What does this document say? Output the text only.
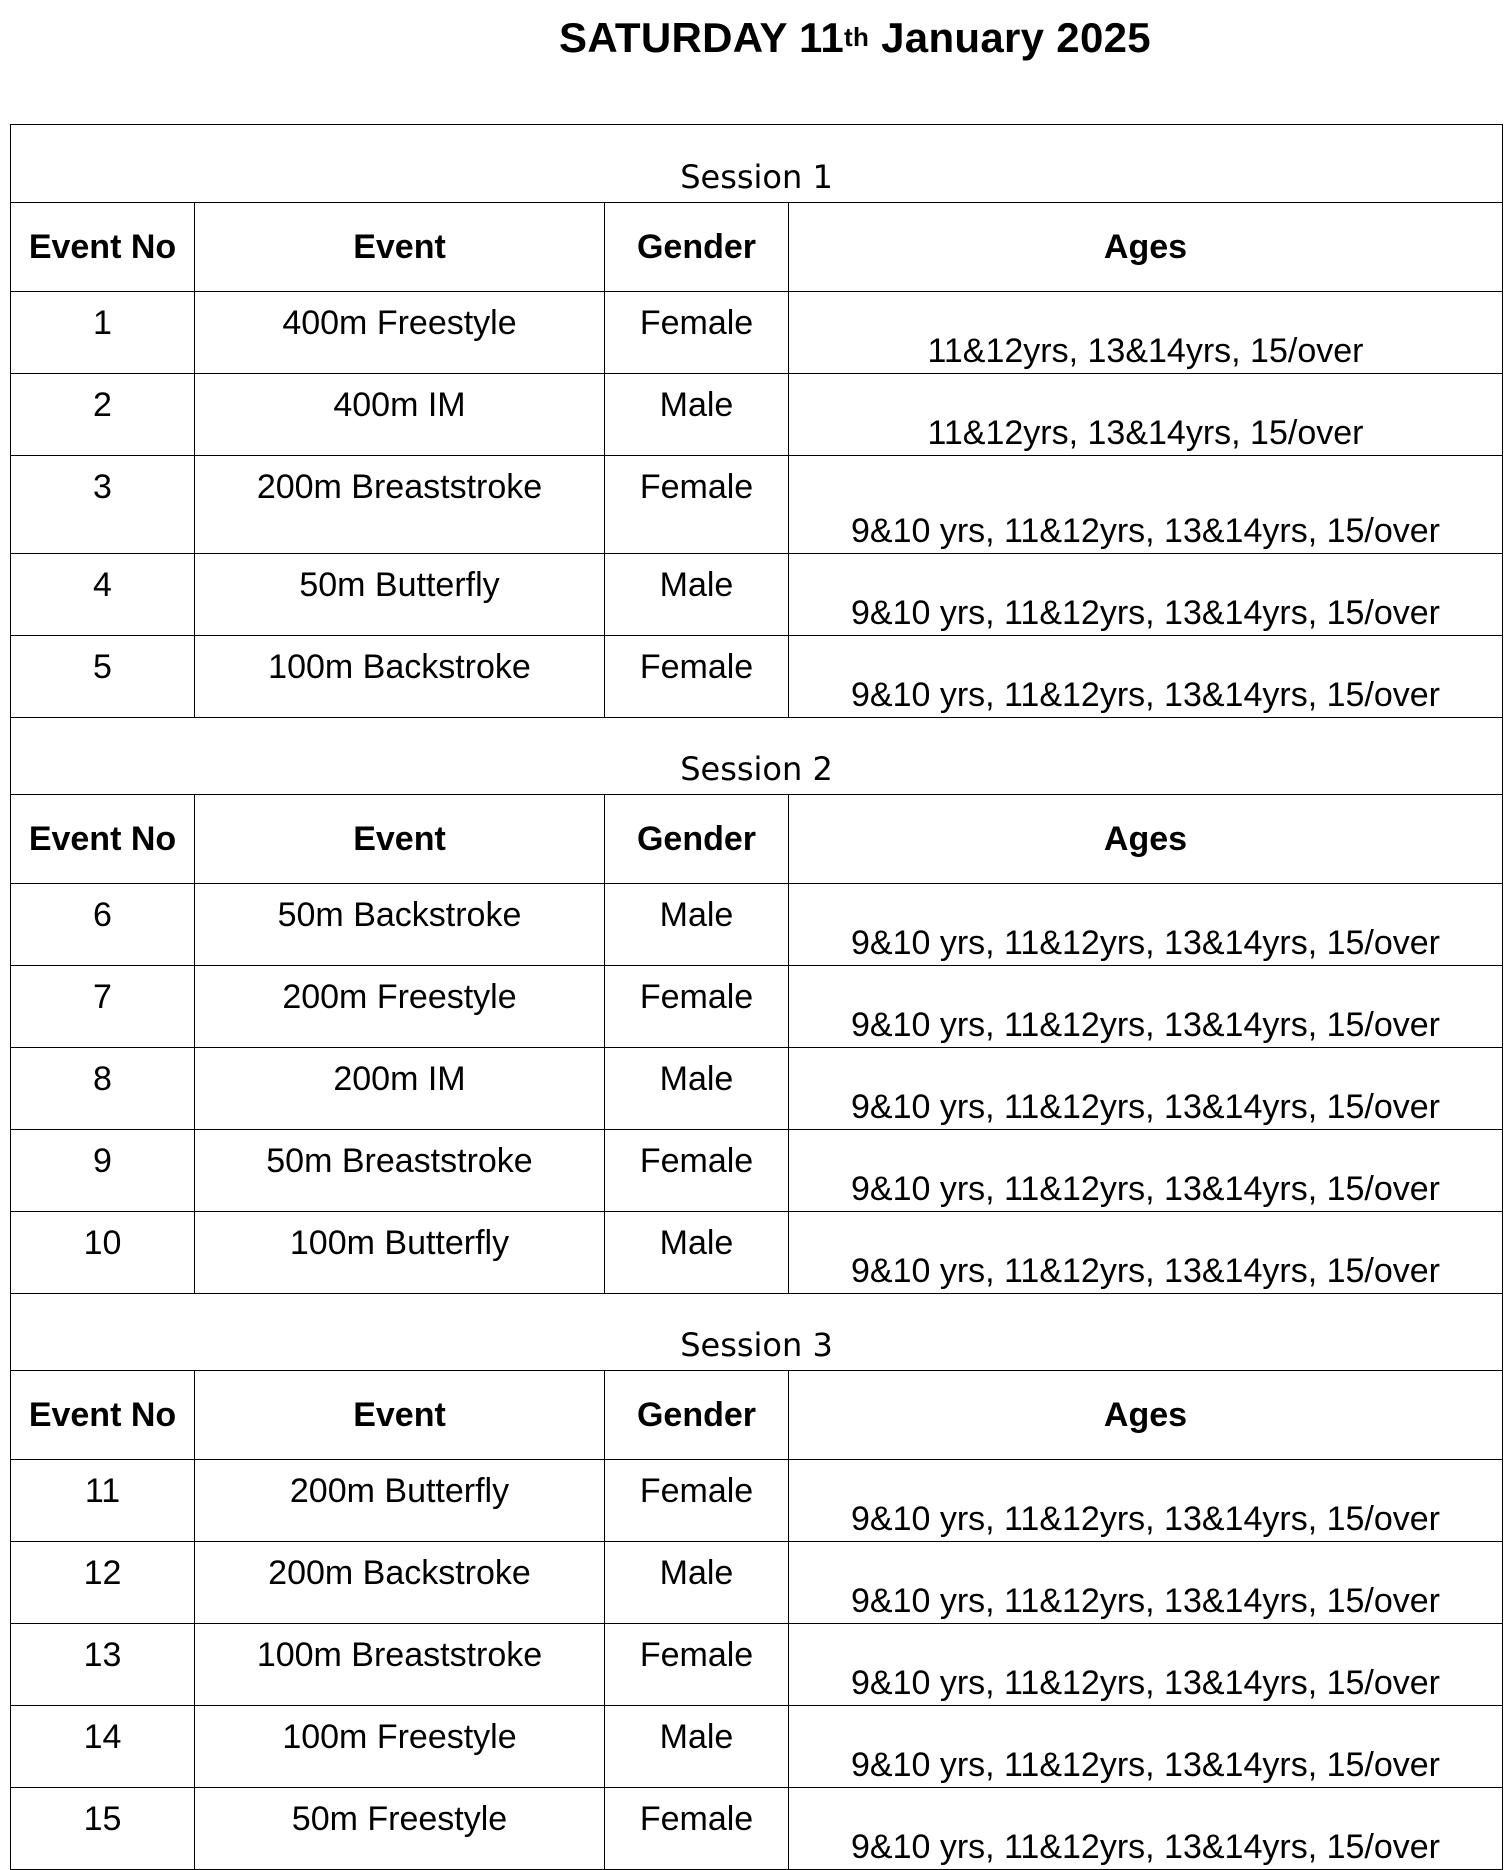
SATURDAY 11th January 2025
Session 1			
Event No	Event	Gender	Ages
1	400m Freestyle	Female	11&12yrs, 13&14yrs, 15/over
2	400m IM	Male	11&12yrs, 13&14yrs, 15/over
3	200m Breaststroke	Female	9&10 yrs, 11&12yrs, 13&14yrs, 15/over
4	50m Butterfly	Male	9&10 yrs, 11&12yrs, 13&14yrs, 15/over
5	100m Backstroke	Female	9&10 yrs, 11&12yrs, 13&14yrs, 15/over
Session 2			
Event No	Event	Gender	Ages
6	50m Backstroke	Male	9&10 yrs, 11&12yrs, 13&14yrs, 15/over
7	200m Freestyle	Female	9&10 yrs, 11&12yrs, 13&14yrs, 15/over
8	200m IM	Male	9&10 yrs, 11&12yrs, 13&14yrs, 15/over
9	50m Breaststroke	Female	9&10 yrs, 11&12yrs, 13&14yrs, 15/over
10	100m Butterfly	Male	9&10 yrs, 11&12yrs, 13&14yrs, 15/over
Session 3			
Event No	Event	Gender	Ages
11	200m Butterfly	Female	9&10 yrs, 11&12yrs, 13&14yrs, 15/over
12	200m Backstroke	Male	9&10 yrs, 11&12yrs, 13&14yrs, 15/over
13	100m Breaststroke	Female	9&10 yrs, 11&12yrs, 13&14yrs, 15/over
14	100m Freestyle	Male	9&10 yrs, 11&12yrs, 13&14yrs, 15/over
15	50m Freestyle	Female	9&10 yrs, 11&12yrs, 13&14yrs, 15/over
